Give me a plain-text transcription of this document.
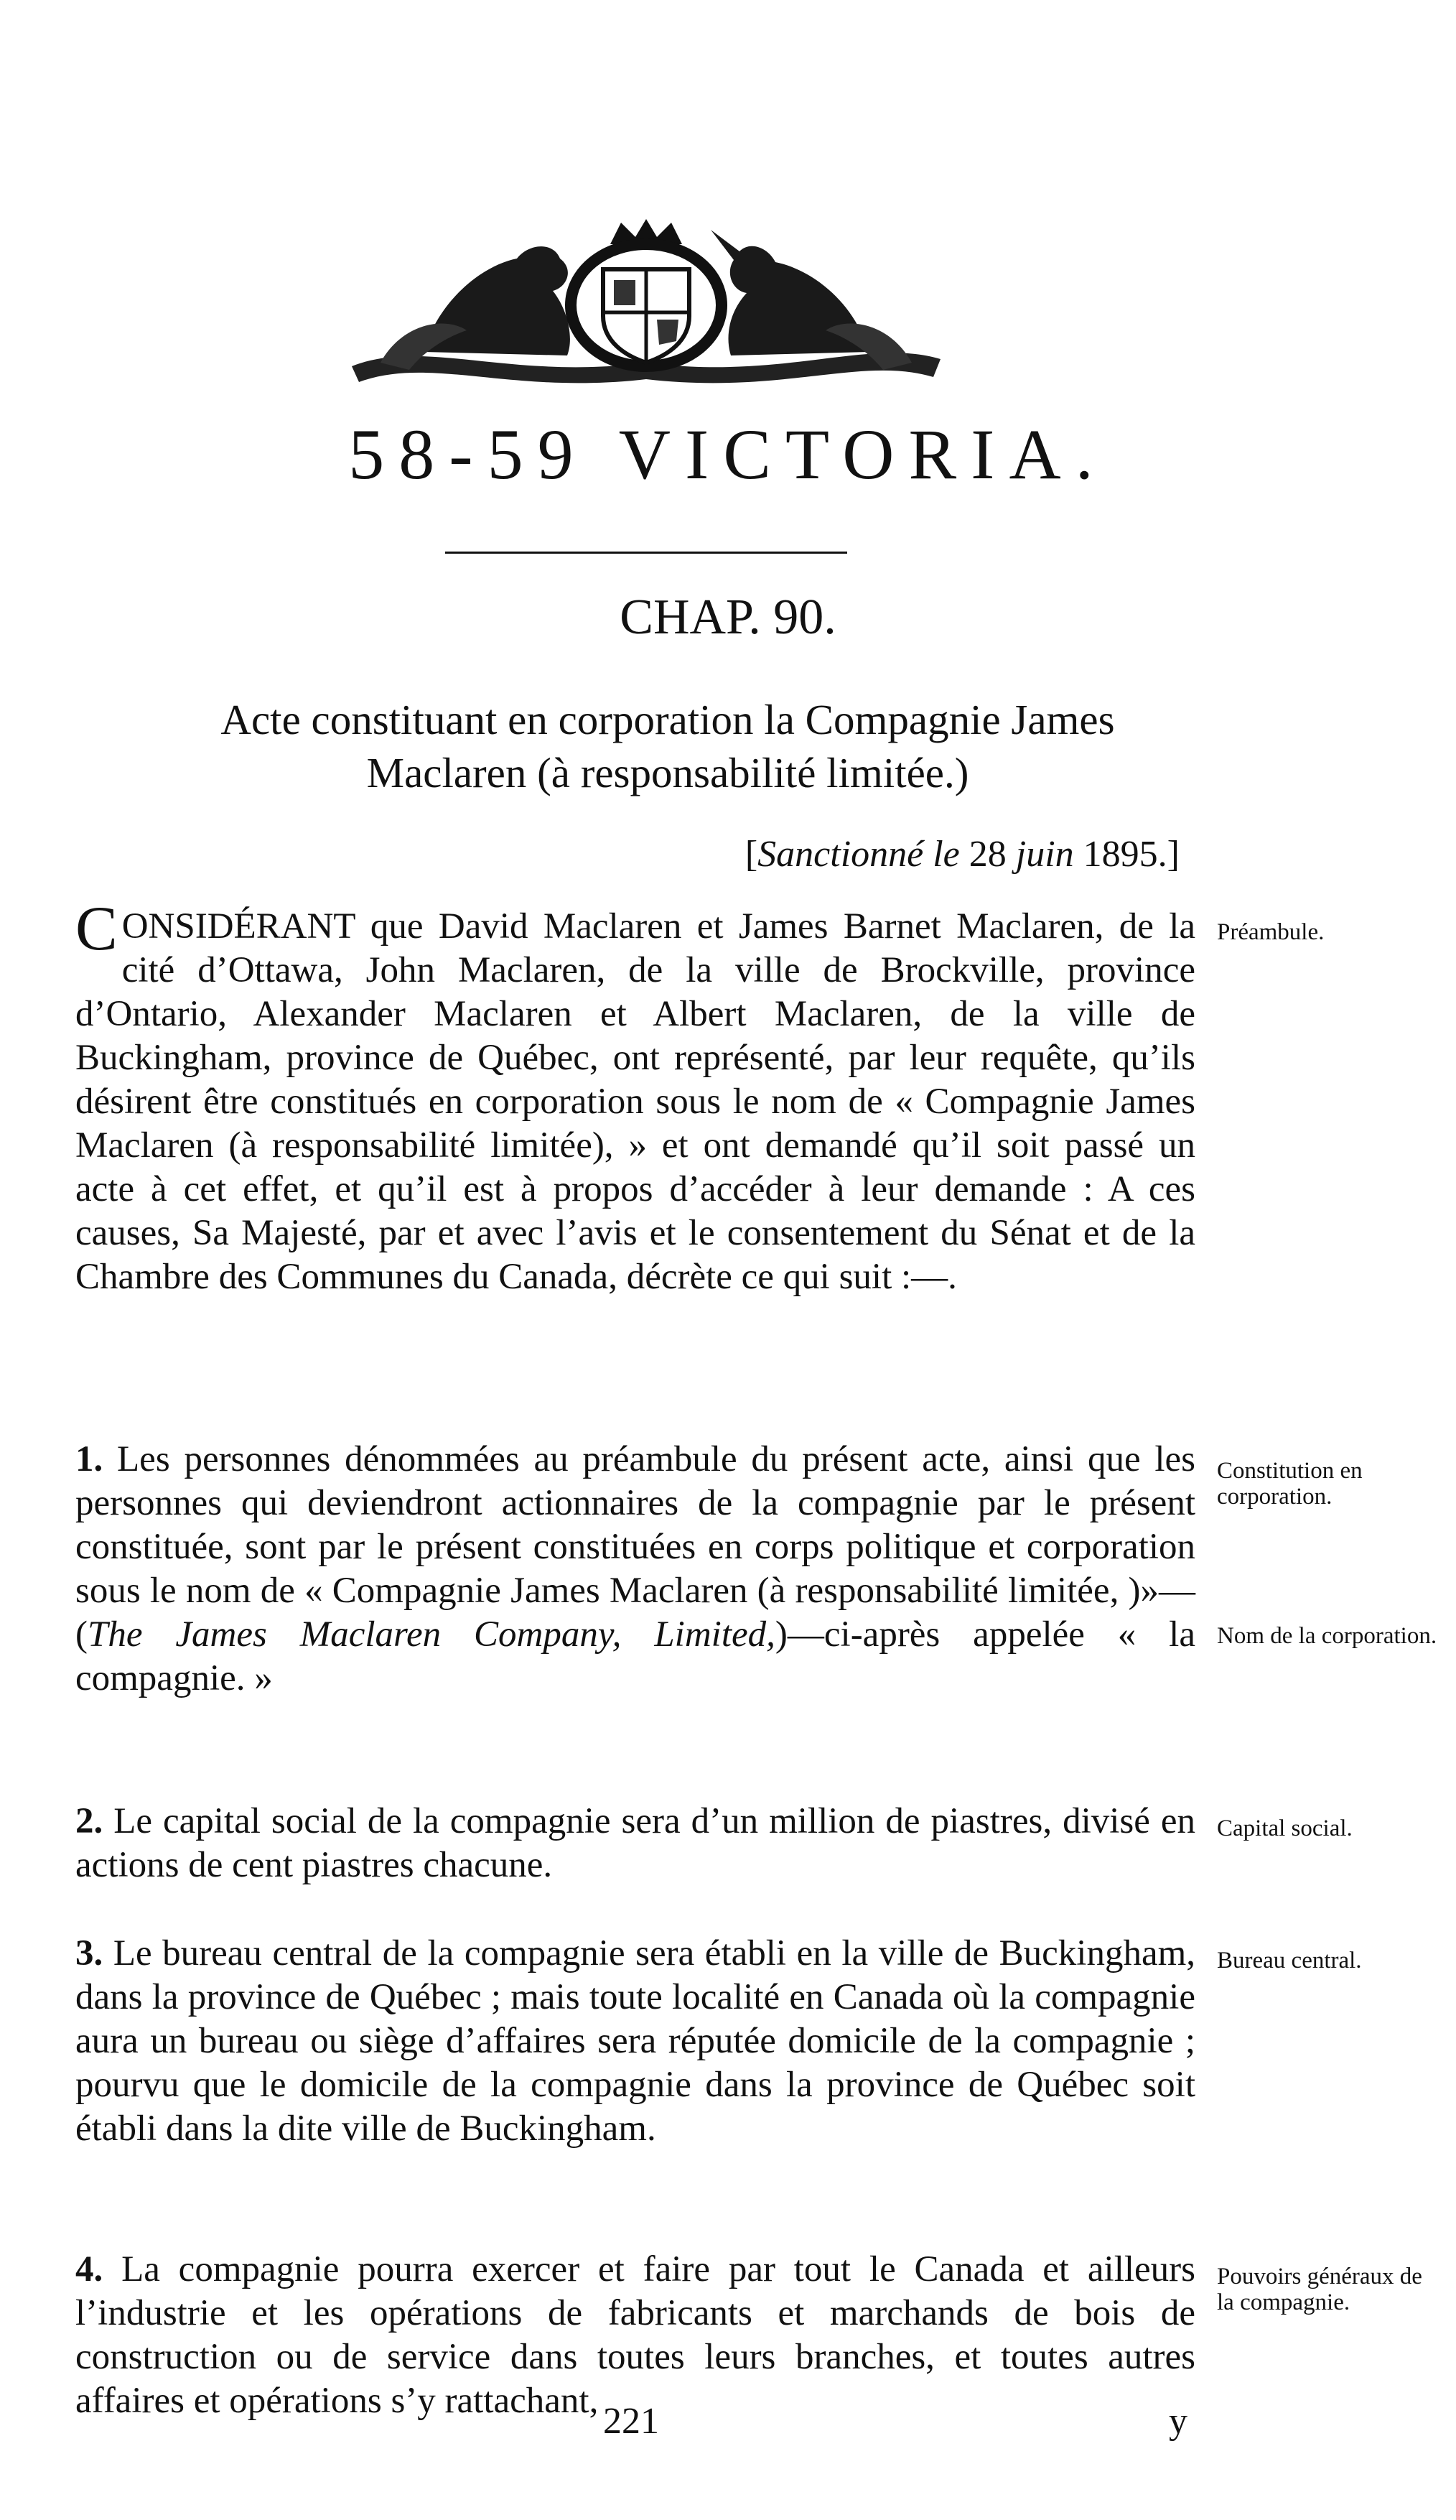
58-59 VICTORIA.
CHAP. 90.
Acte constituant en corporation la Compagnie James
Maclaren (à responsabilité limitée.)
[Sanctionné le 28 juin 1895.]

CONSIDÉRANT que David Maclaren et James Barnet Maclaren, de la cité d’Ottawa, John Maclaren, de la ville de Brockville, province d’Ontario, Alexander Maclaren et Albert Maclaren, de la ville de Buckingham, province de Québec, ont représenté, par leur requête, qu’ils désirent être constitués en corporation sous le nom de « Compagnie James Maclaren (à responsabilité limitée), » et ont demandé qu’il soit passé un acte à cet effet, et qu’il est à propos d’accéder à leur demande : A ces causes, Sa Majesté, par et avec l’avis et le consentement du Sénat et de la Chambre des Communes du Canada, décrète ce qui suit :—.

Préambule.

1. Les personnes dénommées au préambule du présent acte, ainsi que les personnes qui deviendront actionnaires de la compagnie par le présent constituée, sont par le présent constituées en corps politique et corporation sous le nom de « Compagnie James Maclaren (à responsabilité limitée, )»—(The James Maclaren Company, Limited,)—ci-après appelée « la compagnie. »

Constitution en corporation.
Nom de la corporation.

2. Le capital social de la compagnie sera d’un million de piastres, divisé en actions de cent piastres chacune.

Capital social.

3. Le bureau central de la compagnie sera établi en la ville de Buckingham, dans la province de Québec ; mais toute localité en Canada où la compagnie aura un bureau ou siège d’affaires sera réputée domicile de la compagnie ; pourvu que le domicile de la compagnie dans la province de Québec soit établi dans la dite ville de Buckingham.

Bureau central.

4. La compagnie pourra exercer et faire par tout le Canada et ailleurs l’industrie et les opérations de fabricants et marchands de bois de construction ou de service dans toutes leurs branches, et toutes autres affaires et opérations s’y rattachant,

Pouvoirs généraux de la compagnie.
221	y
